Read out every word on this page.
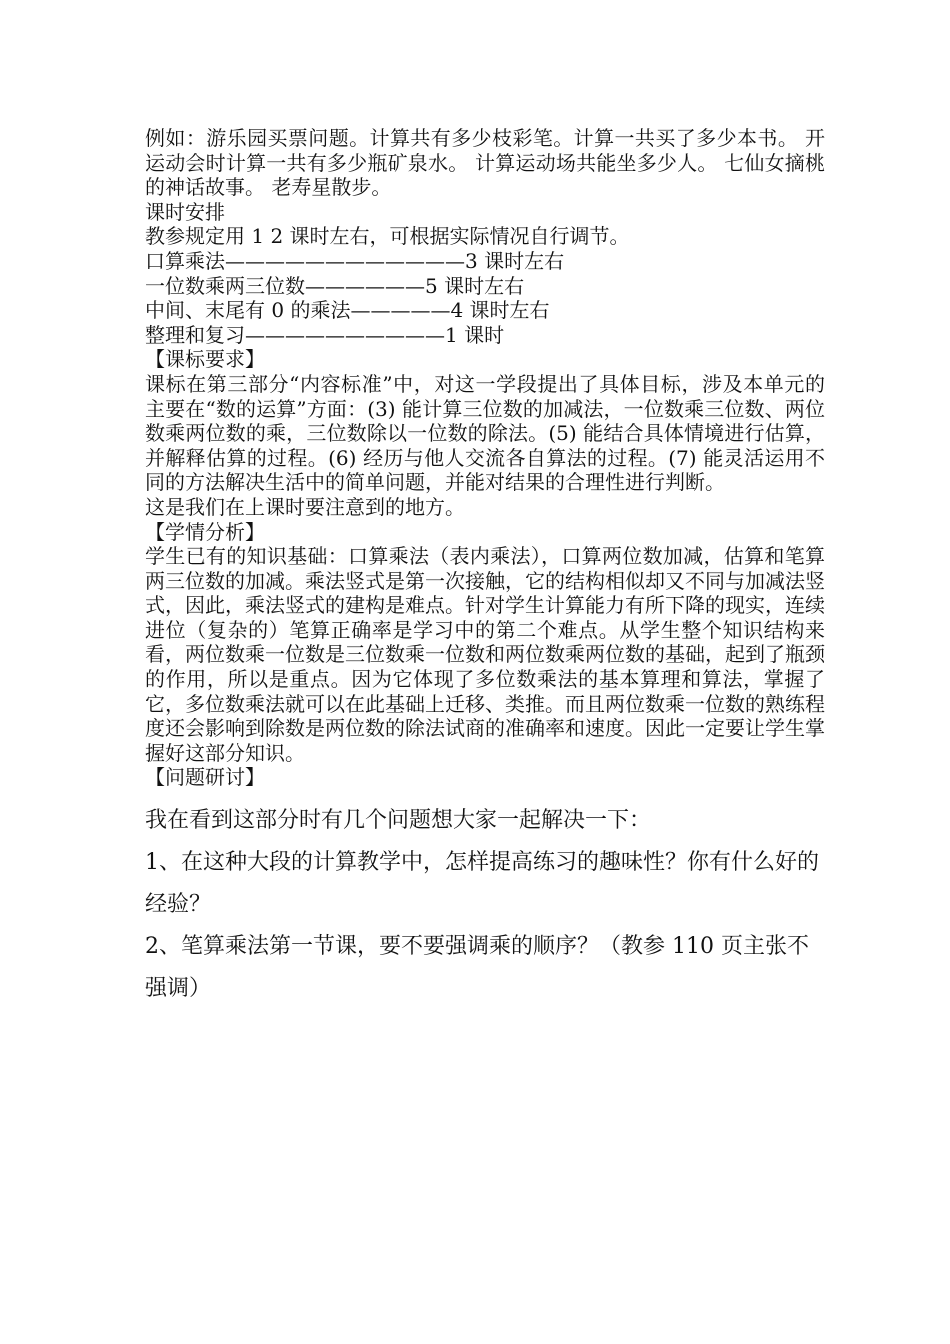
例如：游乐园买票问题。计算共有多少枝彩笔。计算一共买了多少本书。 开运动会时计算一共有多少瓶矿泉水。 计算运动场共能坐多少人。 七仙女摘桃的神话故事。 老寿星散步。

课时安排

教参规定用 1 2 课时左右，可根据实际情况自行调节。

口算乘法————————————3 课时左右

一位数乘两三位数——————5 课时左右

中间、末尾有 0 的乘法—————4 课时左右

整理和复习——————————1 课时

【课标要求】

课标在第三部分“内容标准”中，对这一学段提出了具体目标，涉及本单元的主要在“数的运算”方面：(3) 能计算三位数的加减法，一位数乘三位数、两位数乘两位数的乘，三位数除以一位数的除法。(5) 能结合具体情境进行估算，并解释估算的过程。(6) 经历与他人交流各自算法的过程。(7) 能灵活运用不同的方法解决生活中的简单问题，并能对结果的合理性进行判断。

这是我们在上课时要注意到的地方。

【学情分析】

学生已有的知识基础：口算乘法（表内乘法），口算两位数加减，估算和笔算两三位数的加减。乘法竖式是第一次接触，它的结构相似却又不同与加减法竖式，因此，乘法竖式的建构是难点。针对学生计算能力有所下降的现实，连续进位（复杂的）笔算正确率是学习中的第二个难点。从学生整个知识结构来看，两位数乘一位数是三位数乘一位数和两位数乘两位数的基础，起到了瓶颈的作用，所以是重点。因为它体现了多位数乘法的基本算理和算法，掌握了它，多位数乘法就可以在此基础上迁移、类推。而且两位数乘一位数的熟练程度还会影响到除数是两位数的除法试商的准确率和速度。因此一定要让学生掌握好这部分知识。

【问题研讨】

我在看到这部分时有几个问题想大家一起解决一下：

1、在这种大段的计算教学中，怎样提高练习的趣味性？你有什么好的经验？

2、笔算乘法第一节课，要不要强调乘的顺序？（教参 110 页主张不强调）
